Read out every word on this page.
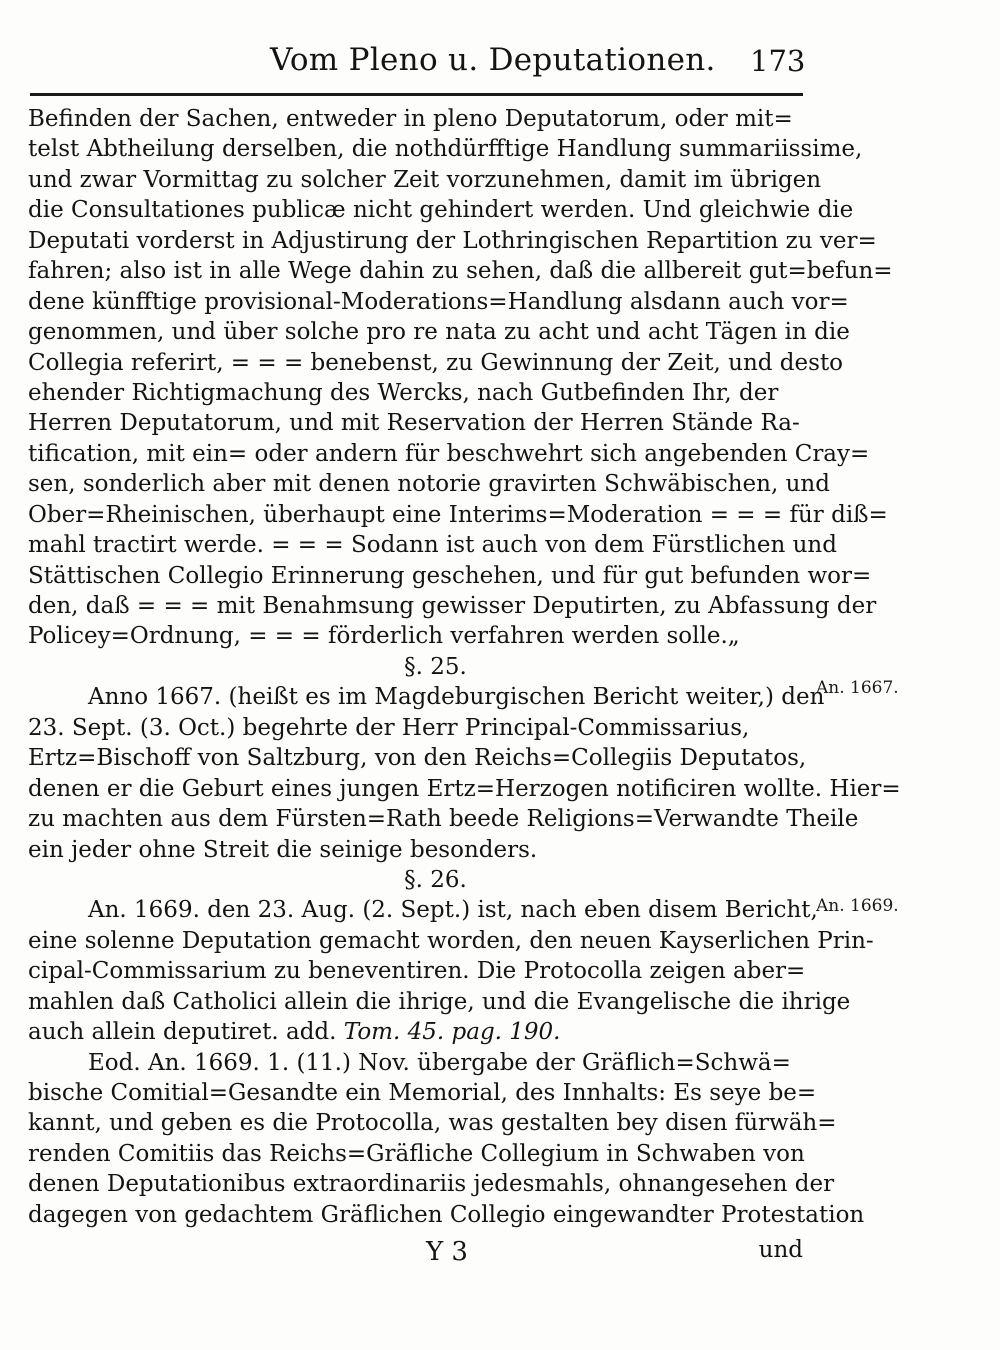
Vom Pleno u. Deputationen. 173
Befinden der Sachen, entweder in pleno Deputatorum, oder mit=
telst Abtheilung derselben, die nothdürfftige Handlung summariissime,
und zwar Vormittag zu solcher Zeit vorzunehmen, damit im übrigen
die Consultationes publicæ nicht gehindert werden. Und gleichwie die
Deputati vorderst in Adjustirung der Lothringischen Repartition zu ver=
fahren; also ist in alle Wege dahin zu sehen, daß die allbereit gut=befun=
dene künfftige provisional-Moderations=Handlung alsdann auch vor=
genommen, und über solche pro re nata zu acht und acht Tägen in die
Collegia referirt, = = = benebenst, zu Gewinnung der Zeit, und desto
ehender Richtigmachung des Wercks, nach Gutbefinden Ihr, der
Herren Deputatorum, und mit Reservation der Herren Stände Ra-
tification, mit ein= oder andern für beschwehrt sich angebenden Cray=
sen, sonderlich aber mit denen notorie gravirten Schwäbischen, und
Ober=Rheinischen, überhaupt eine Interims=Moderation = = = für diß=
mahl tractirt werde. = = = Sodann ist auch von dem Fürstlichen und
Stättischen Collegio Erinnerung geschehen, und für gut befunden wor=
den, daß = = = mit Benahmsung gewisser Deputirten, zu Abfassung der
Policey=Ordnung, = = = förderlich verfahren werden solle.„
§. 25.
Anno 1667. (heißt es im Magdeburgischen Bericht weiter,) den
23. Sept. (3. Oct.) begehrte der Herr Principal-Commissarius,
Ertz=Bischoff von Saltzburg, von den Reichs=Collegiis Deputatos,
denen er die Geburt eines jungen Ertz=Herzogen notificiren wollte. Hier=
zu machten aus dem Fürsten=Rath beede Religions=Verwandte Theile
ein jeder ohne Streit die seinige besonders.
§. 26.
An. 1669. den 23. Aug. (2. Sept.) ist, nach eben disem Bericht,
eine solenne Deputation gemacht worden, den neuen Kayserlichen Prin-
cipal-Commissarium zu beneventiren. Die Protocolla zeigen aber=
mahlen daß Catholici allein die ihrige, und die Evangelische die ihrige
auch allein deputiret. add. Tom. 45. pag. 190.
Eod. An. 1669. 1. (11.) Nov. übergabe der Gräflich=Schwä=
bische Comitial=Gesandte ein Memorial, des Innhalts: Es seye be=
kannt, und geben es die Protocolla, was gestalten bey disen fürwäh=
renden Comitiis das Reichs=Gräfliche Collegium in Schwaben von
denen Deputationibus extraordinariis jedesmahls, ohnangesehen der
dagegen von gedachtem Gräflichen Collegio eingewandter Protestation
An. 1667.
An. 1669.
Y 3	und
